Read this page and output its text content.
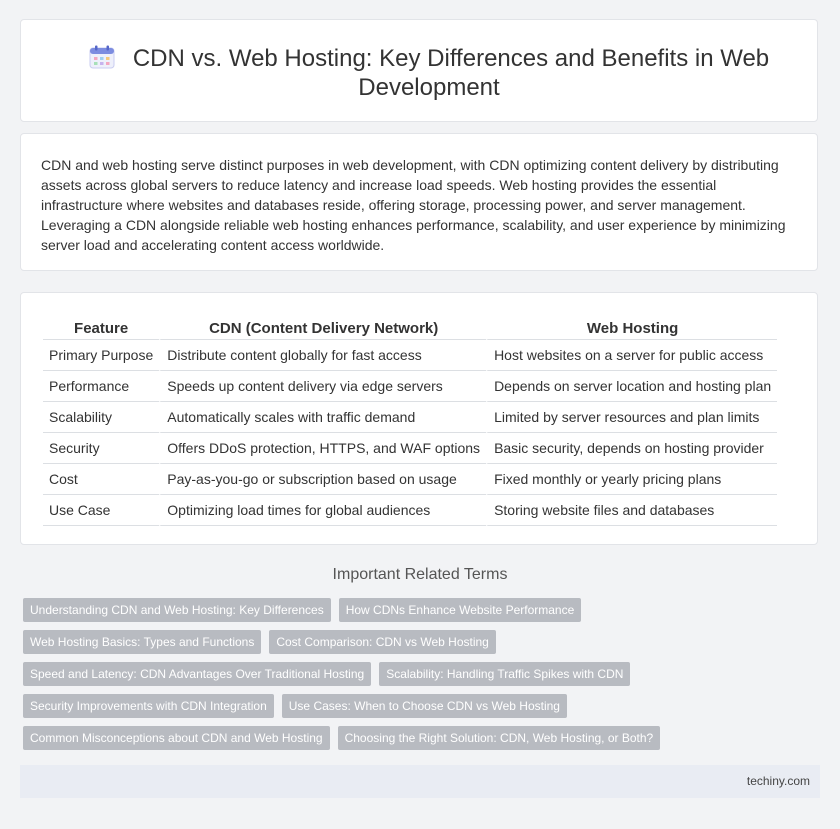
CDN vs. Web Hosting: Key Differences and Benefits in Web Development
CDN and web hosting serve distinct purposes in web development, with CDN optimizing content delivery by distributing assets across global servers to reduce latency and increase load speeds. Web hosting provides the essential infrastructure where websites and databases reside, offering storage, processing power, and server management. Leveraging a CDN alongside reliable web hosting enhances performance, scalability, and user experience by minimizing server load and accelerating content access worldwide.
Feature	CDN (Content Delivery Network)	Web Hosting
Primary Purpose	Distribute content globally for fast access	Host websites on a server for public access
Performance	Speeds up content delivery via edge servers	Depends on server location and hosting plan
Scalability	Automatically scales with traffic demand	Limited by server resources and plan limits
Security	Offers DDoS protection, HTTPS, and WAF options	Basic security, depends on hosting provider
Cost	Pay-as-you-go or subscription based on usage	Fixed monthly or yearly pricing plans
Use Case	Optimizing load times for global audiences	Storing website files and databases
Important Related Terms
Understanding CDN and Web Hosting: Key Differences	How CDNs Enhance Website Performance
Web Hosting Basics: Types and Functions	Cost Comparison: CDN vs Web Hosting
Speed and Latency: CDN Advantages Over Traditional Hosting	Scalability: Handling Traffic Spikes with CDN
Security Improvements with CDN Integration	Use Cases: When to Choose CDN vs Web Hosting
Common Misconceptions about CDN and Web Hosting	Choosing the Right Solution: CDN, Web Hosting, or Both?
techiny.com
